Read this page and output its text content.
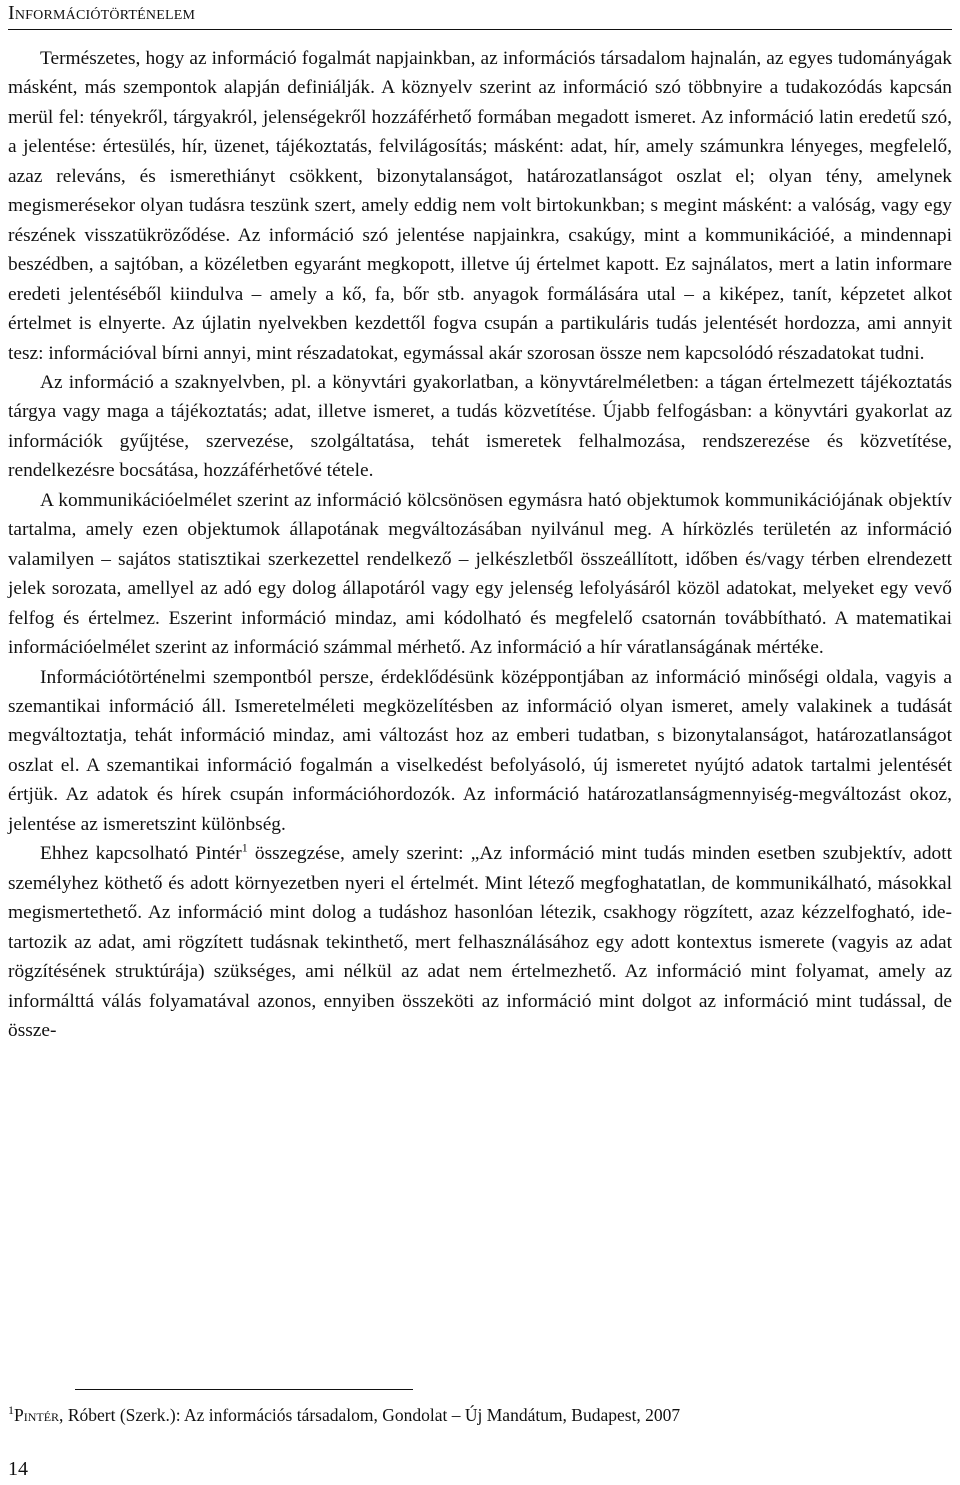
Információtörténelem

Természetes, hogy az információ fogalmát napjainkban, az információs társadalom hajnalán, az egyes tudományágak másként, más szempontok alapján definiálják. A köznyelv szerint az információ szó többnyire a tudakozódás kapcsán merül fel: tényekről, tárgyakról, jelenségekről hozzáférhető formában megadott ismeret. Az információ latin eredetű szó, a jelentése: értesülés, hír, üzenet, tájékoztatás, felvilágosítás; másként: adat, hír, amely számunkra lényeges, megfelelő, azaz releváns, és ismerethiányt csökkent, bizonytalanságot, határozatlanságot oszlat el; olyan tény, amelynek megismerésekor olyan tudásra teszünk szert, amely eddig nem volt birtokunkban; s megint másként: a valóság, vagy egy részének visszatükröződése. Az információ szó jelentése napjainkra, csakúgy, mint a kommunikációé, a mindennapi beszédben, a sajtóban, a közéletben egyaránt megkopott, illetve új értelmet kapott. Ez sajnálatos, mert a latin informare eredeti jelentéséből kiindulva – amely a kő, fa, bőr stb. anyagok formálására utal – a kiképez, tanít, képzetet alkot értelmet is elnyerte. Az újlatin nyelvekben kezdettől fogva csupán a partikuláris tudás jelentését hordozza, ami annyit tesz: információval bírni annyi, mint részadatokat, egymással akár szorosan össze nem kapcsolódó részadatokat tudni.

Az információ a szaknyelvben, pl. a könyvtári gyakorlatban, a könyvtárelméletben: a tágan értelmezett tájékoztatás tárgya vagy maga a tájékoztatás; adat, illetve ismeret, a tudás közvetítése. Újabb felfogásban: a könyvtári gyakorlat az információk gyűjtése, szervezése, szolgáltatása, tehát ismeretek felhalmozása, rendszerezése és közvetítése, rendelkezésre bocsátása, hozzáférhetővé tétele.

A kommunikációelmélet szerint az információ kölcsönösen egymásra ható objektumok kommunikációjának objektív tartalma, amely ezen objektumok állapotának megváltozásában nyilvánul meg. A hírközlés területén az információ valamilyen – sajátos statisztikai szerkezettel rendelkező – jelkészletből összeállított, időben és/vagy térben elrendezett jelek sorozata, amellyel az adó egy dolog állapotáról vagy egy jelenség lefolyásáról közöl adatokat, melyeket egy vevő felfog és értelmez. Eszerint információ mindaz, ami kódolható és megfelelő csatornán továbbítható. A matematikai információelmélet szerint az információ számmal mérhető. Az információ a hír váratlanságának mértéke.

Információtörténelmi szempontból persze, érdeklődésünk középpontjában az információ minőségi oldala, vagyis a szemantikai információ áll. Ismeretelméleti megközelítésben az információ olyan ismeret, amely valakinek a tudását megváltoztatja, tehát információ mindaz, ami változást hoz az emberi tudatban, s bizonytalanságot, határozatlanságot oszlat el. A szemantikai információ fogalmán a viselkedést befolyásoló, új ismeretet nyújtó adatok tartalmi jelentését értjük. Az adatok és hírek csupán információhordozók. Az információ határozatlanságmennyiség-megváltozást okoz, jelentése az ismeretszint különbség.

Ehhez kapcsolható Pintér$^1$ összegzése, amely szerint: „Az információ mint tudás minden esetben szubjektív, adott személyhez köthető és adott környezetben nyeri el értelmét. Mint létező megfoghatatlan, de kommunikálható, másokkal megismertethető. Az információ mint dolog a tudáshoz hasonlóan létezik, csakhogy rögzített, azaz kézzelfogható, idetartozik az adat, ami rögzített tudásnak tekinthető, mert felhasználásához egy adott kontextus ismerete (vagyis az adat rögzítésének struktúrája) szükséges, ami nélkül az adat nem értelmezhető. Az információ mint folyamat, amely az informálttá válás folyamatával azonos, ennyiben összeköti az információ mint dolgot az információ mint tudással, de össze-

$^1$Pintér, Róbert (Szerk.): Az információs társadalom, Gondolat – Új Mandátum, Budapest, 2007
14
